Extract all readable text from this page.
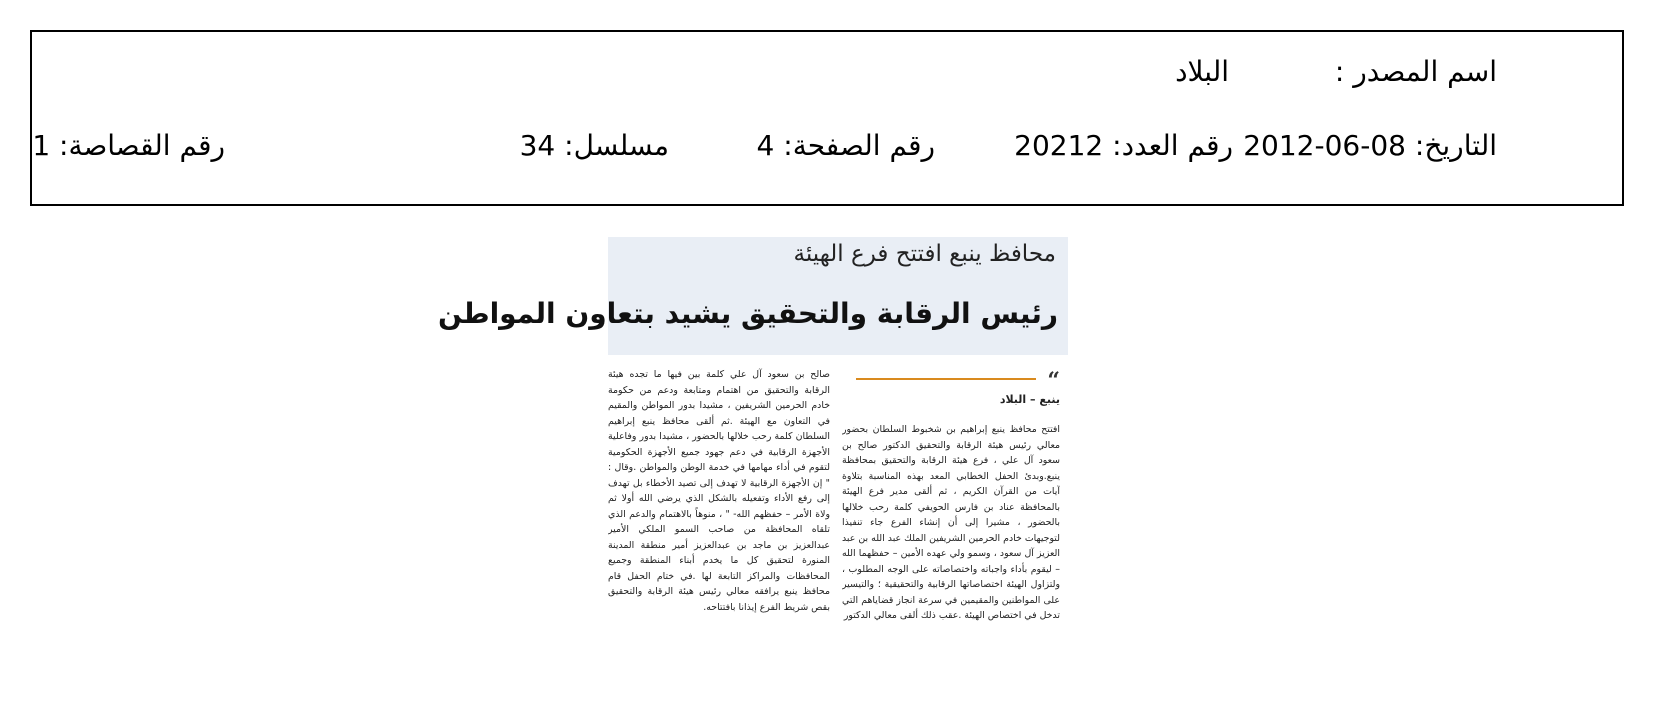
اسم المصدر :
البلاد
التاريخ: 08-06-2012
رقم العدد: 20212
رقم الصفحة: 4
مسلسل: 34
رقم القصاصة: 1
محافظ ينبع افتتح فرع الهيئة
رئيس الرقابة والتحقيق يشيد بتعاون المواطن
“
ينبع – البلاد
افتتح محافظ ينبع إبراهيم بن شخبوط السلطان بحضور معالي رئيس هيئة الرقابة والتحقيق الدكتور صالح بن سعود آل علي ، فرع هيئة الرقابة والتحقيق بمحافظة ينبع.وبدئ الحفل الخطابي المعد بهذه المناسبة بتلاوة آيات من القرآن الكريم ، ثم ألقى مدير فرع الهيئة بالمحافظة عناد بن فارس الحويفي كلمة رحب خلالها بالحضور ، مشيرا إلى أن إنشاء الفرع جاء تنفيذا لتوجيهات خادم الحرمين الشريفين الملك عبد الله بن عبد العزيز آل سعود ، وسمو ولي عهده الأمين – حفظهما الله – ليقوم بأداء واجباته واختصاصاته على الوجه المطلوب ، ولتزاول الهيئة اختصاصاتها الرقابية والتحقيقية ؛ والتيسير على المواطنين والمقيمين في سرعة انجاز قضاياهم التي تدخل في اختصاص الهيئة .عقب ذلك ألقى معالي الدكتور
صالح بن سعود آل علي كلمة بين فيها ما تجده هيئة الرقابة والتحقيق من اهتمام ومتابعة ودعم من حكومة خادم الحرمين الشريفين ، مشيدا بدور المواطن والمقيم في التعاون مع الهيئة .ثم ألقى محافظ ينبع إبراهيم السلطان كلمة رحب خلالها بالحضور ، مشيدا بدور وفاعلية الأجهزة الرقابية في دعم جهود جميع الأجهزة الحكومية لتقوم في أداء مهامها في خدمة الوطن والمواطن .وقال : " إن الأجهزة الرقابية لا تهدف إلى تصيد الأخطاء بل تهدف إلى رفع الأداء وتفعيله بالشكل الذي يرضي الله أولا ثم ولاة الأمر – حفظهم الله- " ، منوهاً بالاهتمام والدعم الذي تلقاه المحافظة من صاحب السمو الملكي الأمير عبدالعزيز بن ماجد بن عبدالعزيز أمير منطقة المدينة المنورة لتحقيق كل ما يخدم أبناء المنطقة وجميع المحافظات والمراكز التابعة لها .في ختام الحفل قام محافظ ينبع يرافقه معالي رئيس هيئة الرقابة والتحقيق بقص شريط الفرع إيذانا بافتتاحه.
